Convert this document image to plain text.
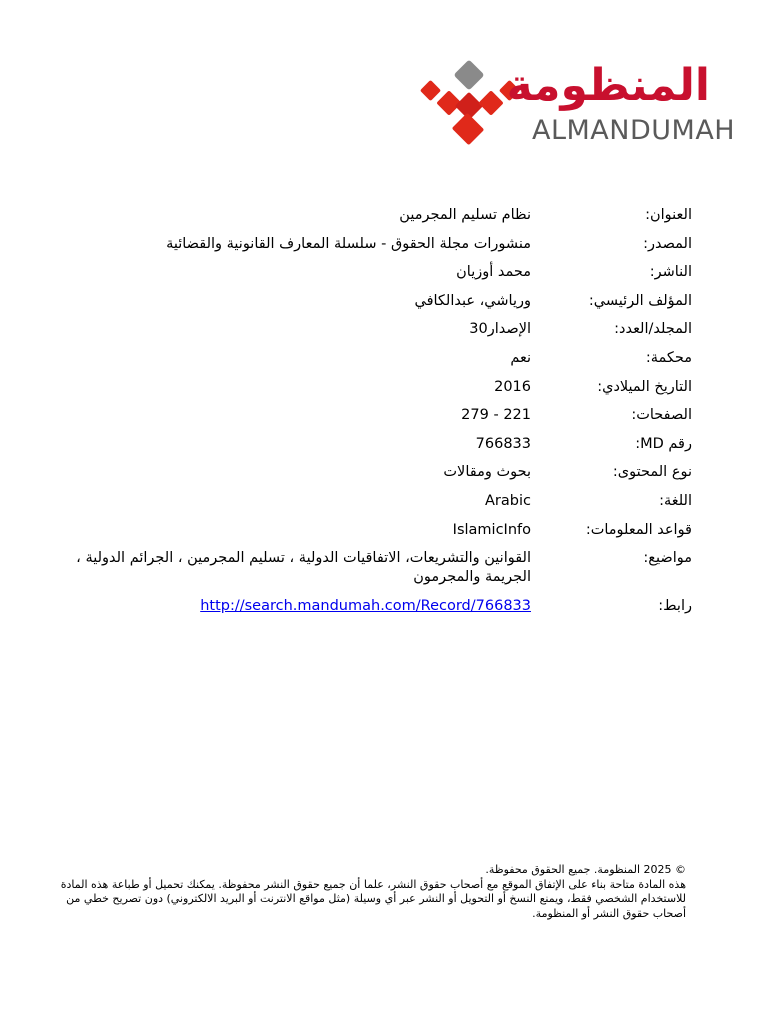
المنظومة
ALMANDUMAH
العنوان:
نظام تسليم المجرمين
المصدر:
منشورات مجلة الحقوق - سلسلة المعارف القانونية والقضائية
الناشر:
محمد أوزيان
المؤلف الرئيسي:
ورياشي، عبدالكافي
المجلد/العدد:
الإصدار30
محكمة:
نعم
التاريخ الميلادي:
2016
الصفحات:
221 - 279
رقم MD:
766833
نوع المحتوى:
بحوث ومقالات
اللغة:
Arabic
قواعد المعلومات:
IslamicInfo
مواضيع:
القوانين والتشريعات، الاتفاقيات الدولية ، تسليم المجرمين ، الجرائم الدولية ، الجريمة والمجرمون
رابط:
http://search.mandumah.com/Record/766833

© 2025 المنظومة. جميع الحقوق محفوظة.

هذه المادة متاحة بناء على الإتفاق الموقع مع أصحاب حقوق النشر، علما أن جميع حقوق النشر محفوظة. يمكنك تحميل أو طباعة هذه المادة للاستخدام الشخصي فقط، ويمنع النسخ أو التحويل أو النشر عبر أي وسيلة (مثل مواقع الانترنت أو البريد الالكتروني) دون تصريح خطي من أصحاب حقوق النشر أو المنظومة.
